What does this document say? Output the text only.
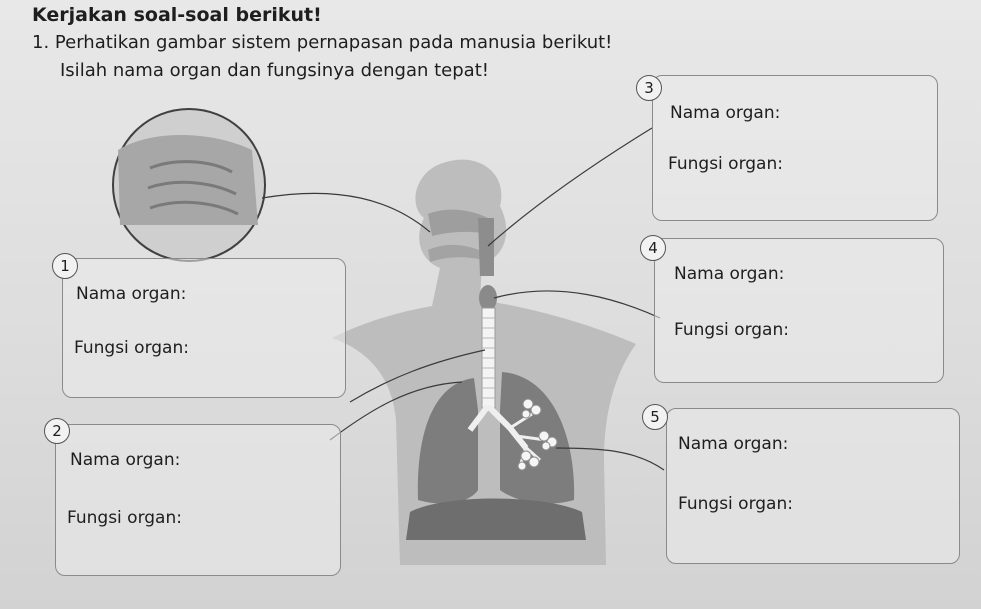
Kerjakan soal-soal berikut!
1. Perhatikan gambar sistem pernapasan pada manusia berikut!
Isilah nama organ dan fungsinya dengan tepat!
1
Nama organ:
Fungsi organ:
2
Nama organ:
Fungsi organ:
3
Nama organ:
Fungsi organ:
4
Nama organ:
Fungsi organ:
5
Nama organ:
Fungsi organ:
